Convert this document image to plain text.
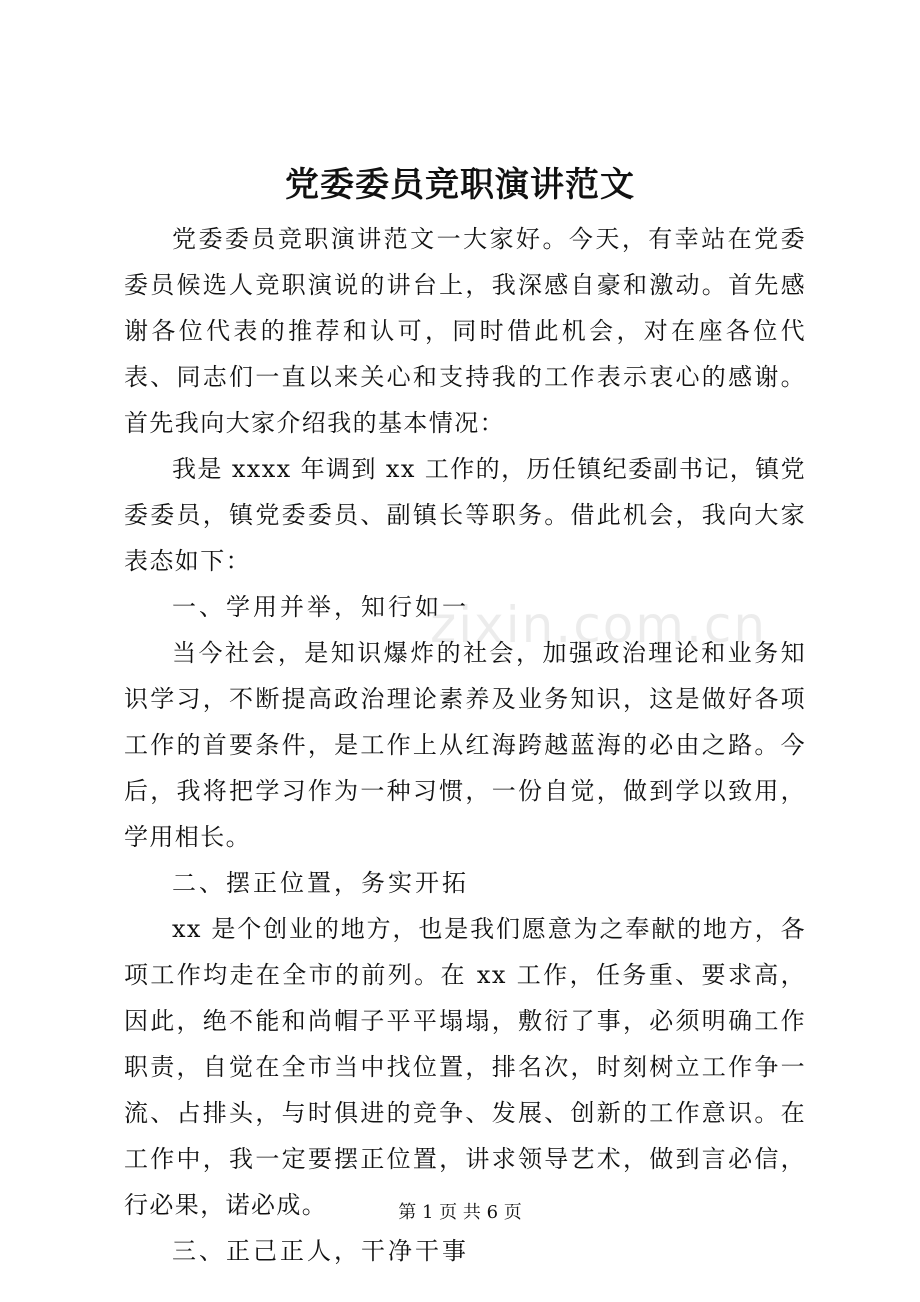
党委委员竞职演讲范文

党委委员竞职演讲范文一大家好。今天，有幸站在党委委员候选人竞职演说的讲台上，我深感自豪和激动。首先感谢各位代表的推荐和认可，同时借此机会，对在座各位代表、同志们一直以来关心和支持我的工作表示衷心的感谢。首先我向大家介绍我的基本情况：

我是 xxxx 年调到 xx 工作的，历任镇纪委副书记，镇党委委员，镇党委委员、副镇长等职务。借此机会，我向大家表态如下：

一、学用并举，知行如一

当今社会，是知识爆炸的社会，加强政治理论和业务知识学习，不断提高政治理论素养及业务知识，这是做好各项工作的首要条件，是工作上从红海跨越蓝海的必由之路。今后，我将把学习作为一种习惯，一份自觉，做到学以致用，学用相长。

二、摆正位置，务实开拓

xx 是个创业的地方，也是我们愿意为之奉献的地方，各项工作均走在全市的前列。在 xx 工作，任务重、要求高，因此，绝不能和尚帽子平平塌塌，敷衍了事，必须明确工作职责，自觉在全市当中找位置，排名次，时刻树立工作争一流、占排头，与时俱进的竞争、发展、创新的工作意识。在工作中，我一定要摆正位置，讲求领导艺术，做到言必信，行必果，诺必成。

三、正己正人，干净干事

zixin.com.cn
第 1 页 共 6 页
